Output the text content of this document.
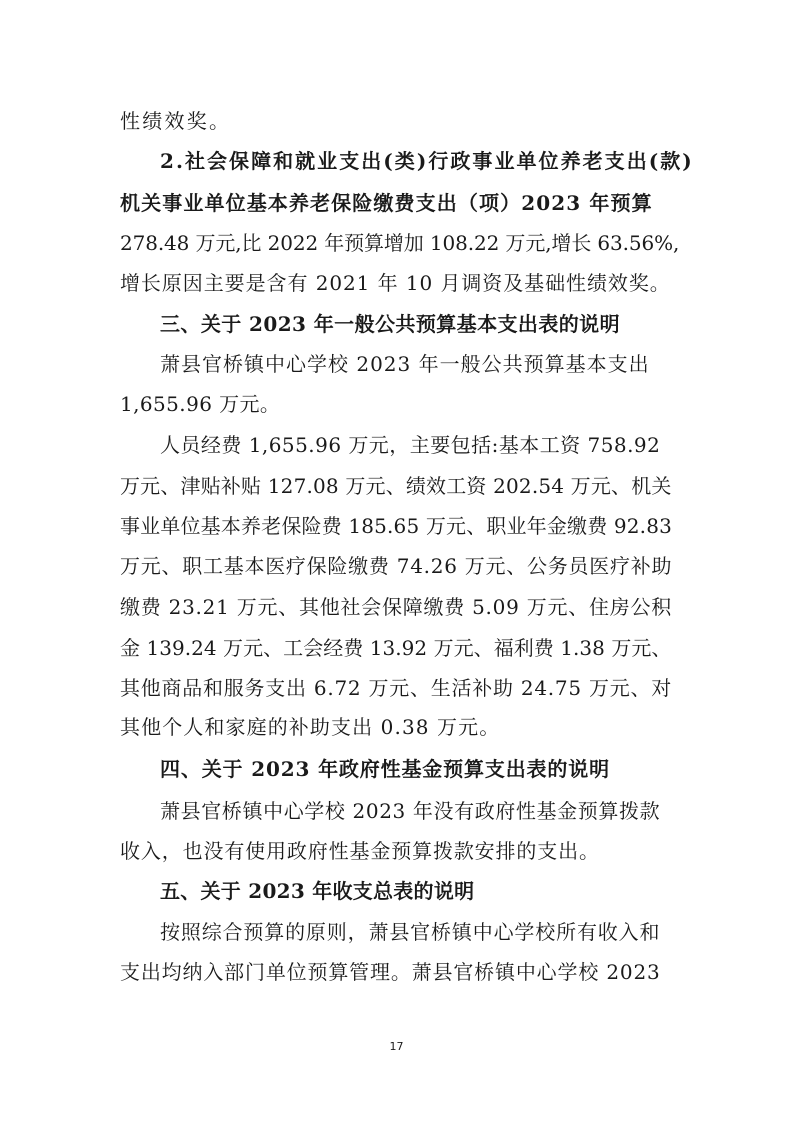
性绩效奖。
2.社会保障和就业支出(类)行政事业单位养老支出(款)
机关事业单位基本养老保险缴费支出（项）2023 年预算
278.48 万元,比 2022 年预算增加 108.22 万元,增长 63.56%,
增长原因主要是含有 2021 年 10 月调资及基础性绩效奖。
三、关于 2023 年一般公共预算基本支出表的说明
萧县官桥镇中心学校 2023 年一般公共预算基本支出
1,655.96 万元。
人员经费 1,655.96 万元，主要包括:基本工资 758.92
万元、津贴补贴 127.08 万元、绩效工资 202.54 万元、机关
事业单位基本养老保险费 185.65 万元、职业年金缴费 92.83
万元、职工基本医疗保险缴费 74.26 万元、公务员医疗补助
缴费 23.21 万元、其他社会保障缴费 5.09 万元、住房公积
金 139.24 万元、工会经费 13.92 万元、福利费 1.38 万元、
其他商品和服务支出 6.72 万元、生活补助 24.75 万元、对
其他个人和家庭的补助支出 0.38 万元。
四、关于 2023 年政府性基金预算支出表的说明
萧县官桥镇中心学校 2023 年没有政府性基金预算拨款
收入，也没有使用政府性基金预算拨款安排的支出。
五、关于 2023 年收支总表的说明
按照综合预算的原则，萧县官桥镇中心学校所有收入和
支出均纳入部门单位预算管理。萧县官桥镇中心学校 2023
17
